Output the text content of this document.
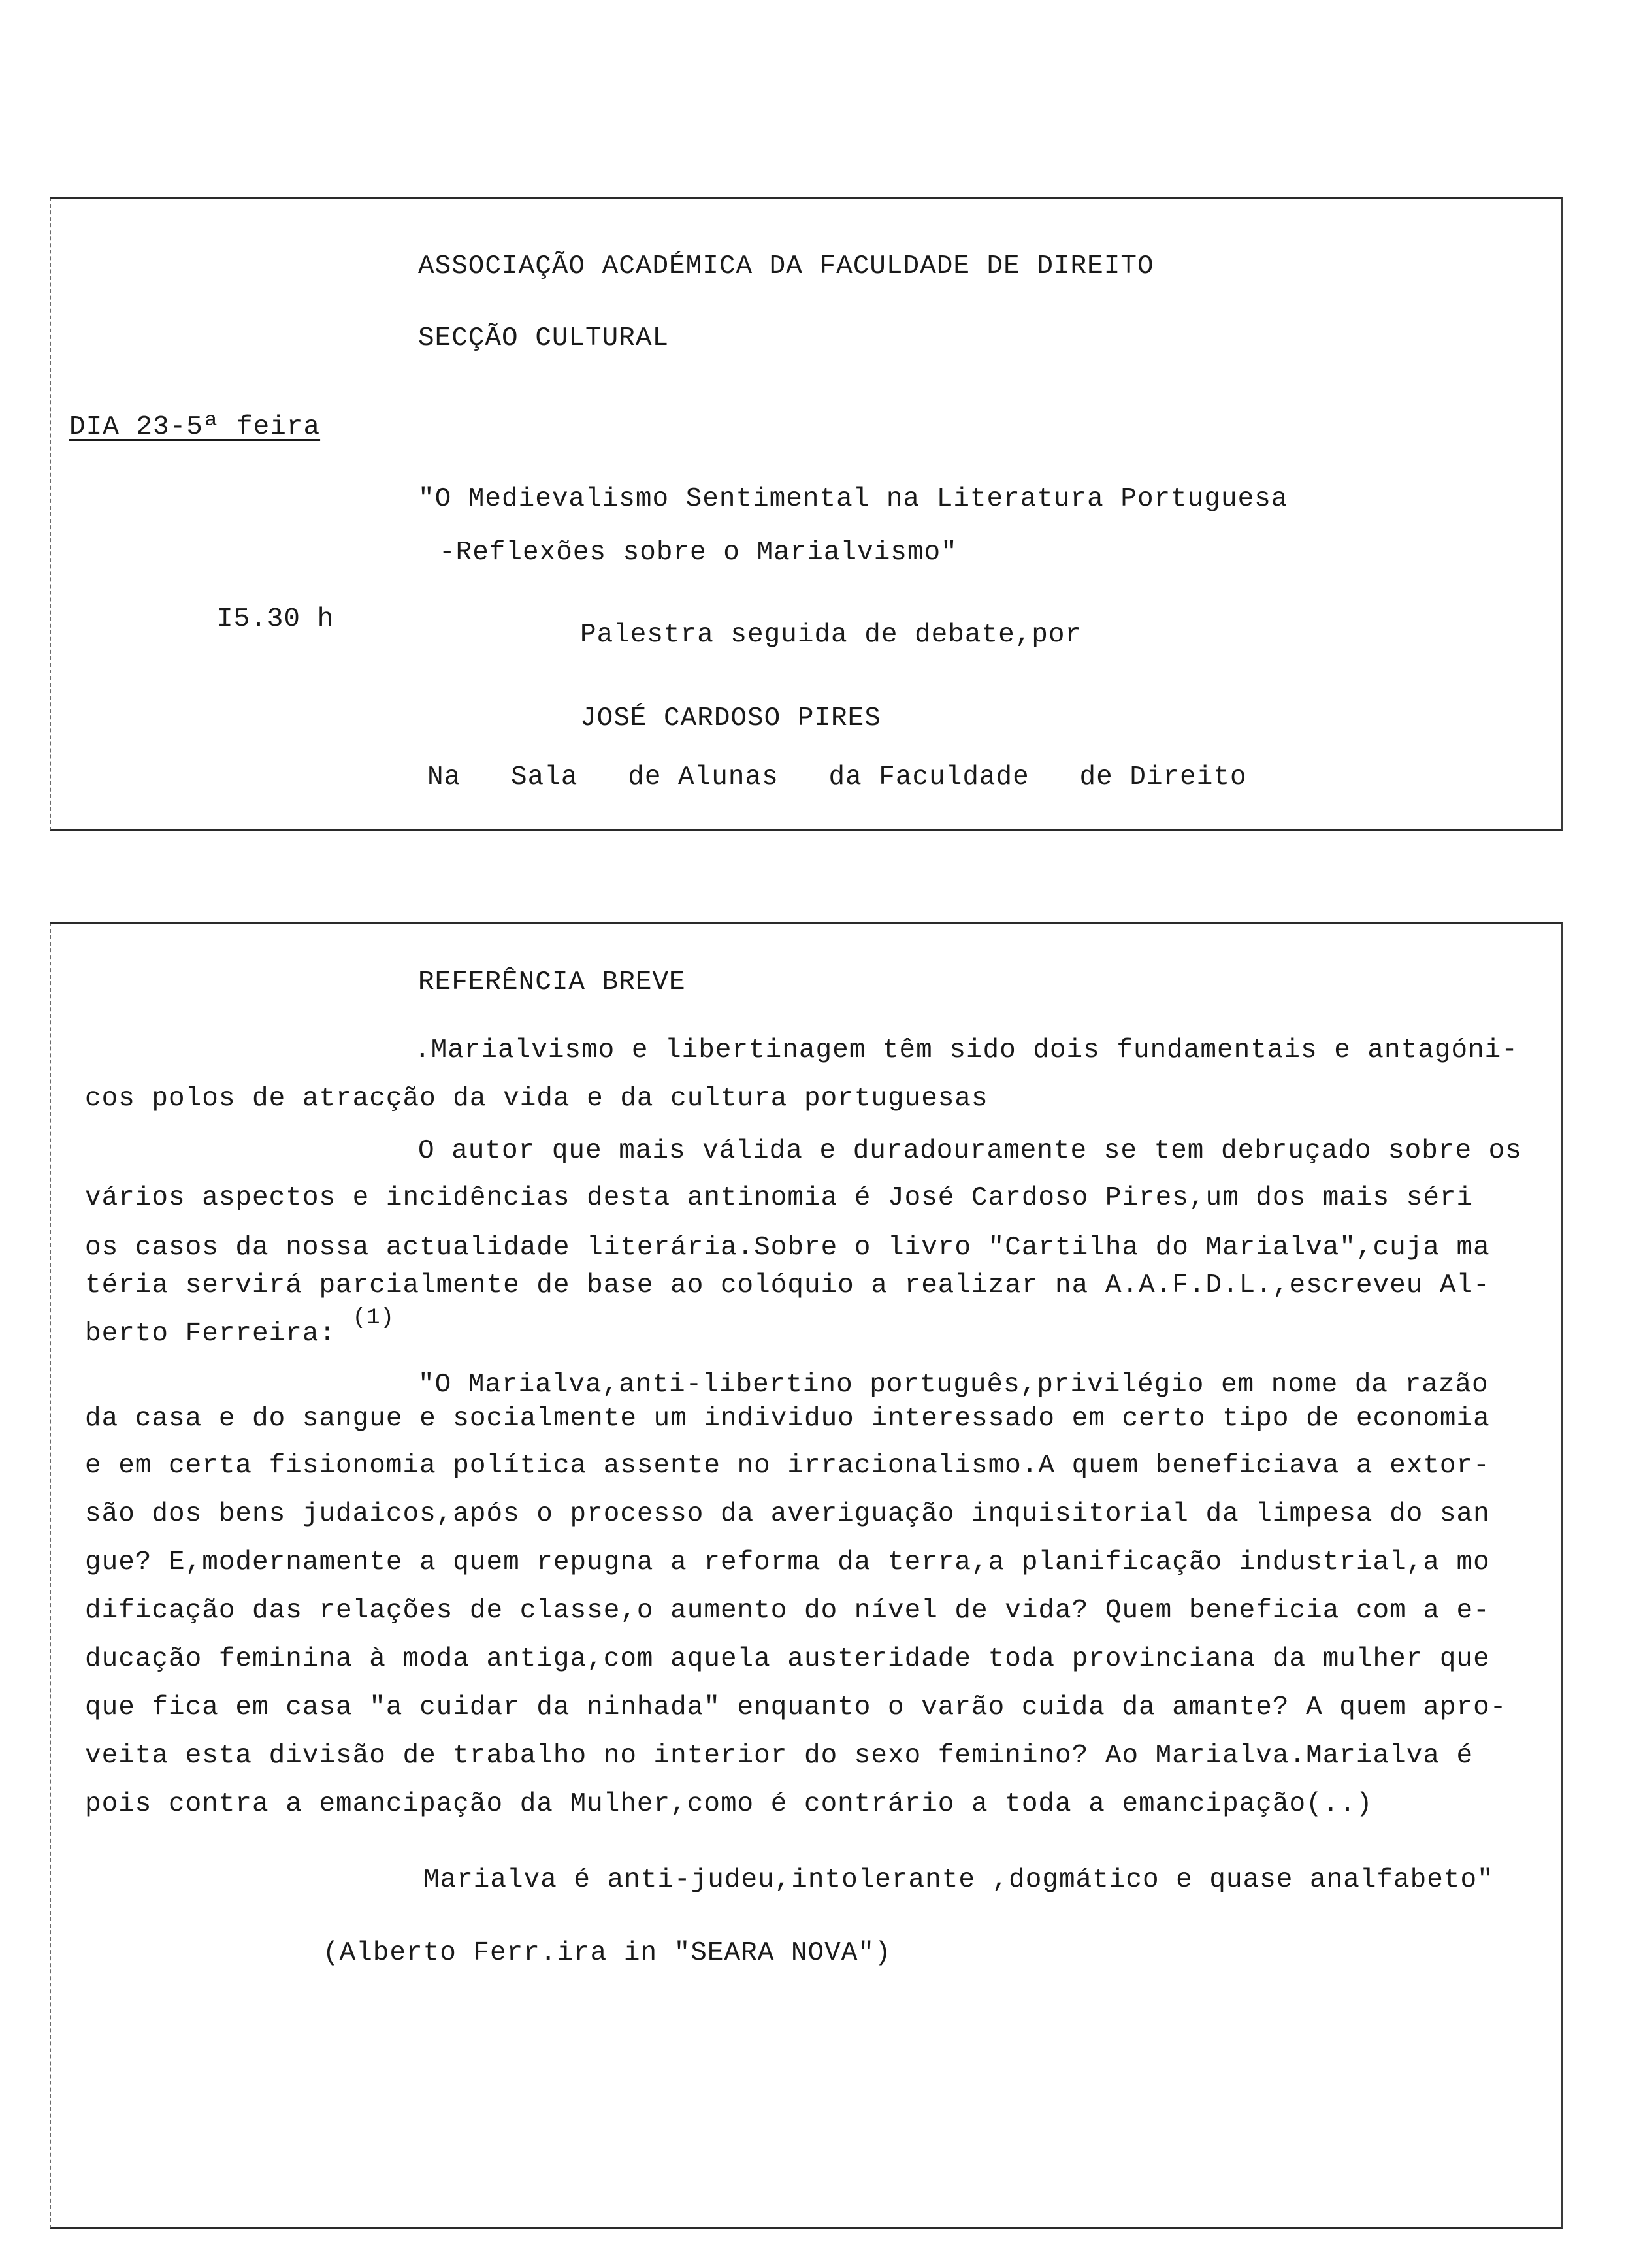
ASSOCIAÇÃO ACADÉMICA DA FACULDADE DE DIREITO
SECÇÃO CULTURAL
DIA 23-5ª feira
"O Medievalismo Sentimental na Literatura Portuguesa
-Reflexões sobre o Marialvismo"
I5.30 h
Palestra seguida de debate,por
JOSÉ CARDOSO PIRES
Na   Sala   de Alunas   da Faculdade   de Direito
REFERÊNCIA BREVE
.Marialvismo e libertinagem têm sido dois fundamentais e antagóni-
cos polos de atracção da vida e da cultura portuguesas
O autor que mais válida e duradouramente se tem debruçado sobre os
vários aspectos e incidências desta antinomia é José Cardoso Pires,um dos mais séri
os casos da nossa actualidade literária.Sobre o livro "Cartilha do Marialva",cuja ma
téria servirá parcialmente de base ao colóquio a realizar na A.A.F.D.L.,escreveu Al-
berto Ferreira: $^{(1)}$
"O Marialva,anti-libertino português,privilégio em nome da razão
da casa e do sangue e socialmente um individuo interessado em certo tipo de economia
e em certa fisionomia política assente no irracionalismo.A quem beneficiava a extor-
são dos bens judaicos,após o processo da averiguação inquisitorial da limpesa do san
gue? E,modernamente a quem repugna a reforma da terra,a planificação industrial,a mo
dificação das relações de classe,o aumento do nível de vida? Quem beneficia com a e-
ducação feminina à moda antiga,com aquela austeridade toda provinciana da mulher que
que fica em casa "a cuidar da ninhada" enquanto o varão cuida da amante? A quem apro-
veita esta divisão de trabalho no interior do sexo feminino? Ao Marialva.Marialva é
pois contra a emancipação da Mulher,como é contrário a toda a emancipação(..)
Marialva é anti-judeu,intolerante ,dogmático e quase analfabeto"
(Alberto Ferr.ira in "SEARA NOVA")
